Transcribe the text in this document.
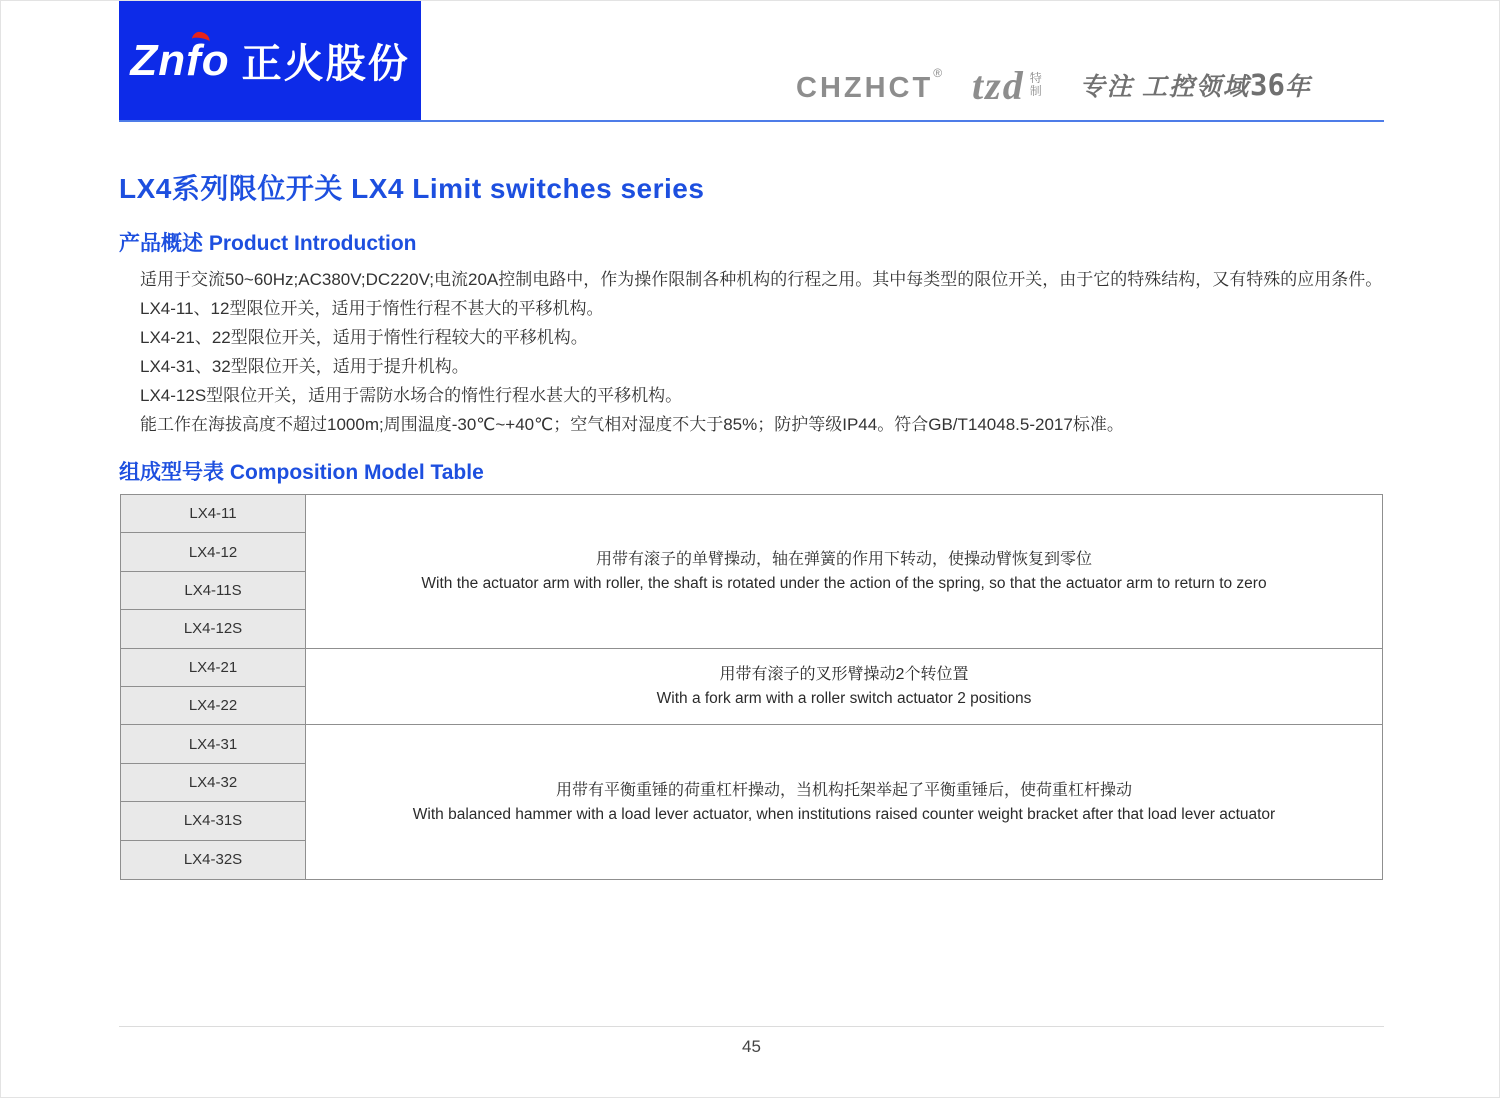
Znfo 正火股份
CHZHCT® tzd 特制 专注 工控领域36年
LX4系列限位开关 LX4 Limit switches series
产品概述 Product Introduction

适用于交流50~60Hz;AC380V;DC220V;电流20A控制电路中，作为操作限制各种机构的行程之用。其中每类型的限位开关，由于它的特殊结构，又有特殊的应用条件。

LX4-11、12型限位开关，适用于惰性行程不甚大的平移机构。

LX4-21、22型限位开关，适用于惰性行程较大的平移机构。

LX4-31、32型限位开关，适用于提升机构。

LX4-12S型限位开关，适用于需防水场合的惰性行程水甚大的平移机构。

能工作在海拔高度不超过1000m;周围温度-30℃~+40℃；空气相对湿度不大于85%；防护等级IP44。符合GB/T14048.5-2017标准。

组成型号表 Composition Model Table
LX4-11
LX4-12
LX4-11S
LX4-12S
LX4-21
LX4-22
LX4-31
LX4-32
LX4-31S
LX4-32S
用带有滚子的单臂操动，轴在弹簧的作用下转动，使操动臂恢复到零位
With the actuator arm with roller, the shaft is rotated under the action of the spring, so that the actuator arm to return to zero
用带有滚子的叉形臂操动2个转位置
With a fork arm with a roller switch actuator 2 positions
用带有平衡重锤的荷重杠杆操动，当机构托架举起了平衡重锤后，使荷重杠杆操动
With balanced hammer with a load lever actuator, when institutions raised counter weight bracket after that load lever actuator
45
